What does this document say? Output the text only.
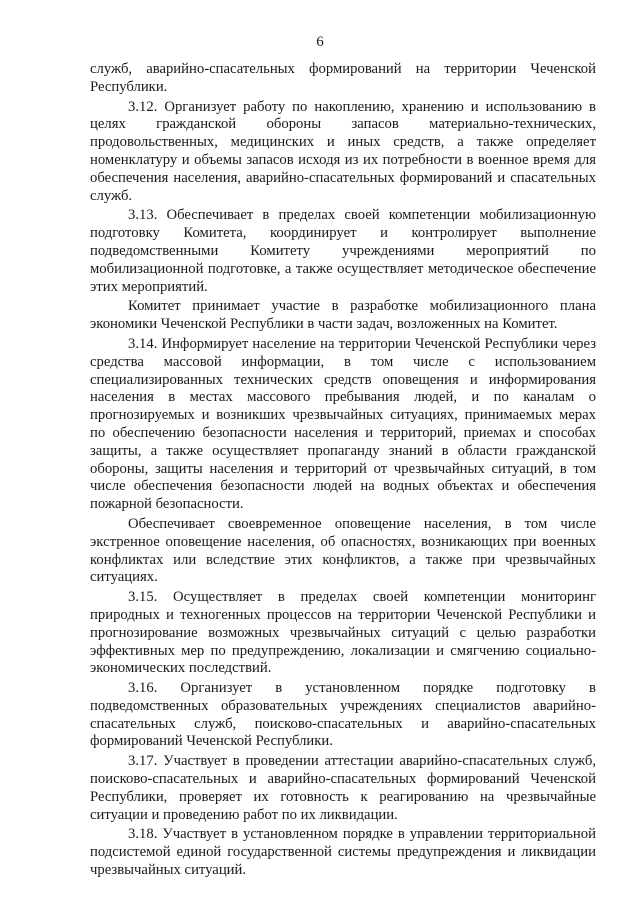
6

служб, аварийно-спасательных формирований на территории Чеченской Республики.

3.12. Организует работу по накоплению, хранению и использованию в целях гражданской обороны запасов материально-технических, продовольственных, медицинских и иных средств, а также определяет номенклатуру и объемы запасов исходя из их потребности в военное время для обеспечения населения, аварийно-спасательных формирований и спасательных служб.

3.13. Обеспечивает в пределах своей компетенции мобилизационную подготовку Комитета, координирует и контролирует выполнение подведомственными Комитету учреждениями мероприятий по мобилизационной подготовке, а также осуществляет методическое обеспечение этих мероприятий.

Комитет принимает участие в разработке мобилизационного плана экономики Чеченской Республики в части задач, возложенных на Комитет.

3.14. Информирует население на территории Чеченской Республики через средства массовой информации, в том числе с использованием специализированных технических средств оповещения и информирования населения в местах массового пребывания людей, и по каналам о прогнозируемых и возникших чрезвычайных ситуациях, принимаемых мерах по обеспечению безопасности населения и территорий, приемах и способах защиты, а также осуществляет пропаганду знаний в области гражданской обороны, защиты населения и территорий от чрезвычайных ситуаций, в том числе обеспечения безопасности людей на водных объектах и обеспечения пожарной безопасности.

Обеспечивает своевременное оповещение населения, в том числе экстренное оповещение населения, об опасностях, возникающих при военных конфликтах или вследствие этих конфликтов, а также при чрезвычайных ситуациях.

3.15. Осуществляет в пределах своей компетенции мониторинг природных и техногенных процессов на территории Чеченской Республики и прогнозирование возможных чрезвычайных ситуаций с целью разработки эффективных мер по предупреждению, локализации и смягчению социально-экономических последствий.

3.16. Организует в установленном порядке подготовку в подведомственных образовательных учреждениях специалистов аварийно-спасательных служб, поисково-спасательных и аварийно-спасательных формирований Чеченской Республики.

3.17. Участвует в проведении аттестации аварийно-спасательных служб, поисково-спасательных и аварийно-спасательных формирований Чеченской Республики, проверяет их готовность к реагированию на чрезвычайные ситуации и проведению работ по их ликвидации.

3.18. Участвует в установленном порядке в управлении территориальной подсистемой единой государственной системы предупреждения и ликвидации чрезвычайных ситуаций.
